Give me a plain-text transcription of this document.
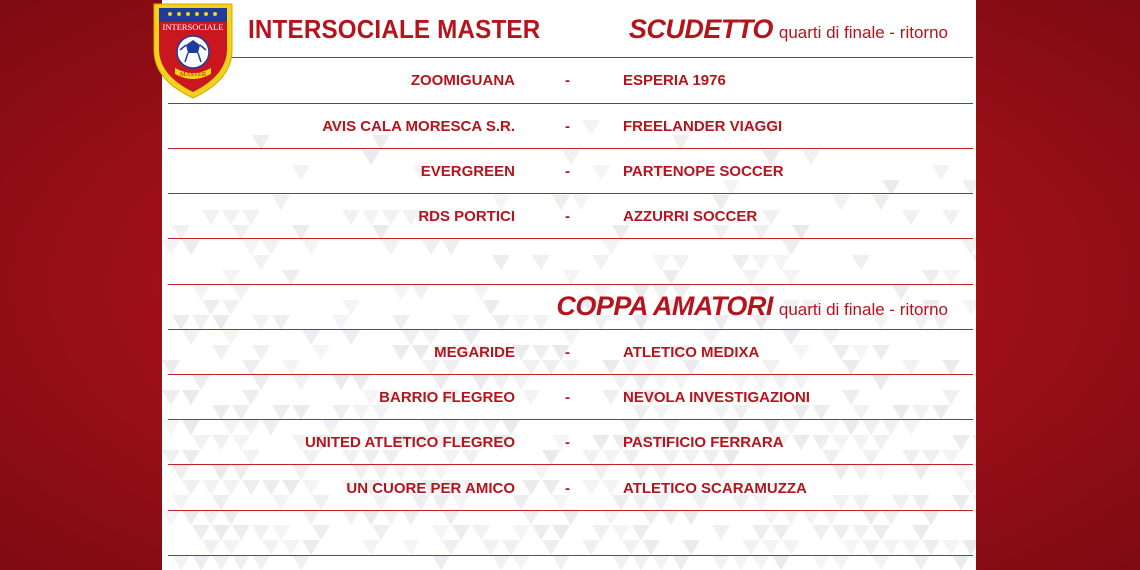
INTERSOCIALE
MASTER
INTERSOCIALE MASTER	SCUDETTO quarti di finale - ritorno
COPPA AMATORI quarti di finale - ritorno
ZOOMIGUANA	-	ESPERIA 1976
AVIS CALA MORESCA S.R.	-	FREELANDER VIAGGI
EVERGREEN	-	PARTENOPE SOCCER
RDS PORTICI	-	AZZURRI SOCCER
MEGARIDE	-	ATLETICO MEDIXA
BARRIO FLEGREO	-	NEVOLA INVESTIGAZIONI
UNITED ATLETICO FLEGREO	-	PASTIFICIO FERRARA
UN CUORE PER AMICO	-	ATLETICO SCARAMUZZA
